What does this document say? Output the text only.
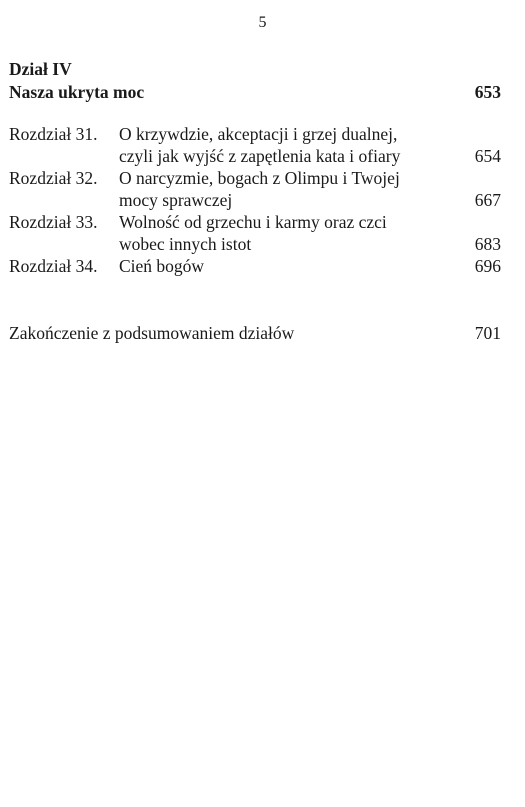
5
Dział IV
Nasza ukryta moc	653
Rozdział 31.	O krzywdzie, akceptacji i grzej dualnej,
czyli jak wyjść z zapętlenia kata i ofiary	654
Rozdział 32.	O narcyzmie, bogach z Olimpu i Twojej
mocy sprawczej	667
Rozdział 33.	Wolność od grzechu i karmy oraz czci
wobec innych istot	683
Rozdział 34.	Cień bogów	696
Zakończenie z podsumowaniem działów	701
